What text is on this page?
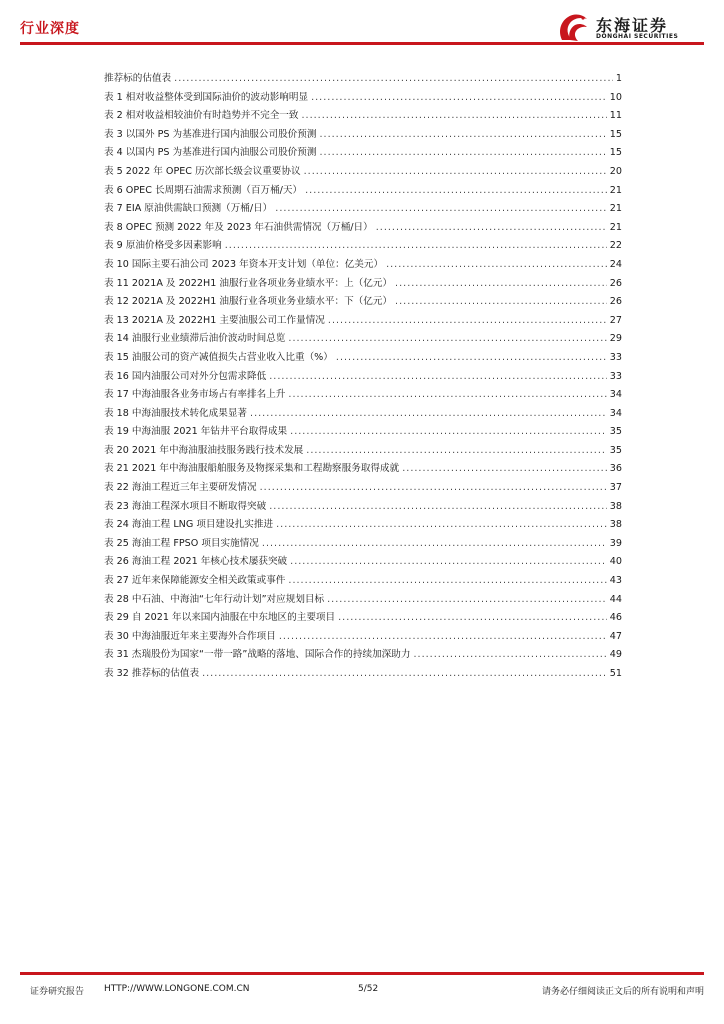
行业深度	东海证券
DONGHAI SECURITIES
推荐标的估值表 .....	1
表 1 相对收益整体受到国际油价的波动影响明显 .....	10
表 2 相对收益相较油价有时趋势并不完全一致 .....	11
表 3 以国外 PS 为基准进行国内油服公司股价预测 .....	15
表 4 以国内 PS 为基准进行国内油服公司股价预测 .....	15
表 5 2022 年 OPEC 历次部长级会议重要协议 .....	20
表 6 OPEC 长周期石油需求预测（百万桶/天） .....	21
表 7 EIA 原油供需缺口预测（万桶/日） .....	21
表 8 OPEC 预测 2022 年及 2023 年石油供需情况（万桶/日） .....	21
表 9 原油价格受多因素影响 .....	22
表 10 国际主要石油公司 2023 年资本开支计划（单位：亿美元） .....	24
表 11 2021A 及 2022H1 油服行业各项业务业绩水平：上（亿元） .....	26
表 12 2021A 及 2022H1 油服行业各项业务业绩水平：下（亿元） .....	26
表 13 2021A 及 2022H1 主要油服公司工作量情况 .....	27
表 14 油服行业业绩滞后油价波动时间总览 .....	29
表 15 油服公司的资产减值损失占营业收入比重（%） .....	33
表 16 国内油服公司对外分包需求降低 .....	33
表 17 中海油服各业务市场占有率排名上升 .....	34
表 18 中海油服技术转化成果显著 .....	34
表 19 中海油服 2021 年钻井平台取得成果 .....	35
表 20 2021 年中海油服油技服务践行技术发展 .....	35
表 21 2021 年中海油服船舶服务及物探采集和工程勘察服务取得成就 .....	36
表 22 海油工程近三年主要研发情况 .....	37
表 23 海油工程深水项目不断取得突破 .....	38
表 24 海油工程 LNG 项目建设扎实推进 .....	38
表 25 海油工程 FPSO 项目实施情况 .....	39
表 26 海油工程 2021 年核心技术屡获突破 .....	40
表 27 近年来保障能源安全相关政策或事件 .....	43
表 28 中石油、中海油“七年行动计划”对应规划目标 .....	44
表 29 自 2021 年以来国内油服在中东地区的主要项目 .....	46
表 30 中海油服近年来主要海外合作项目 .....	47
表 31 杰瑞股份为国家“一带一路”战略的落地、国际合作的持续加深助力 .....	49
表 32 推荐标的估值表 .....	51
证券研究报告 HTTP://WWW.LONGONE.COM.CN	5/52	请务必仔细阅读正文后的所有说明和声明
